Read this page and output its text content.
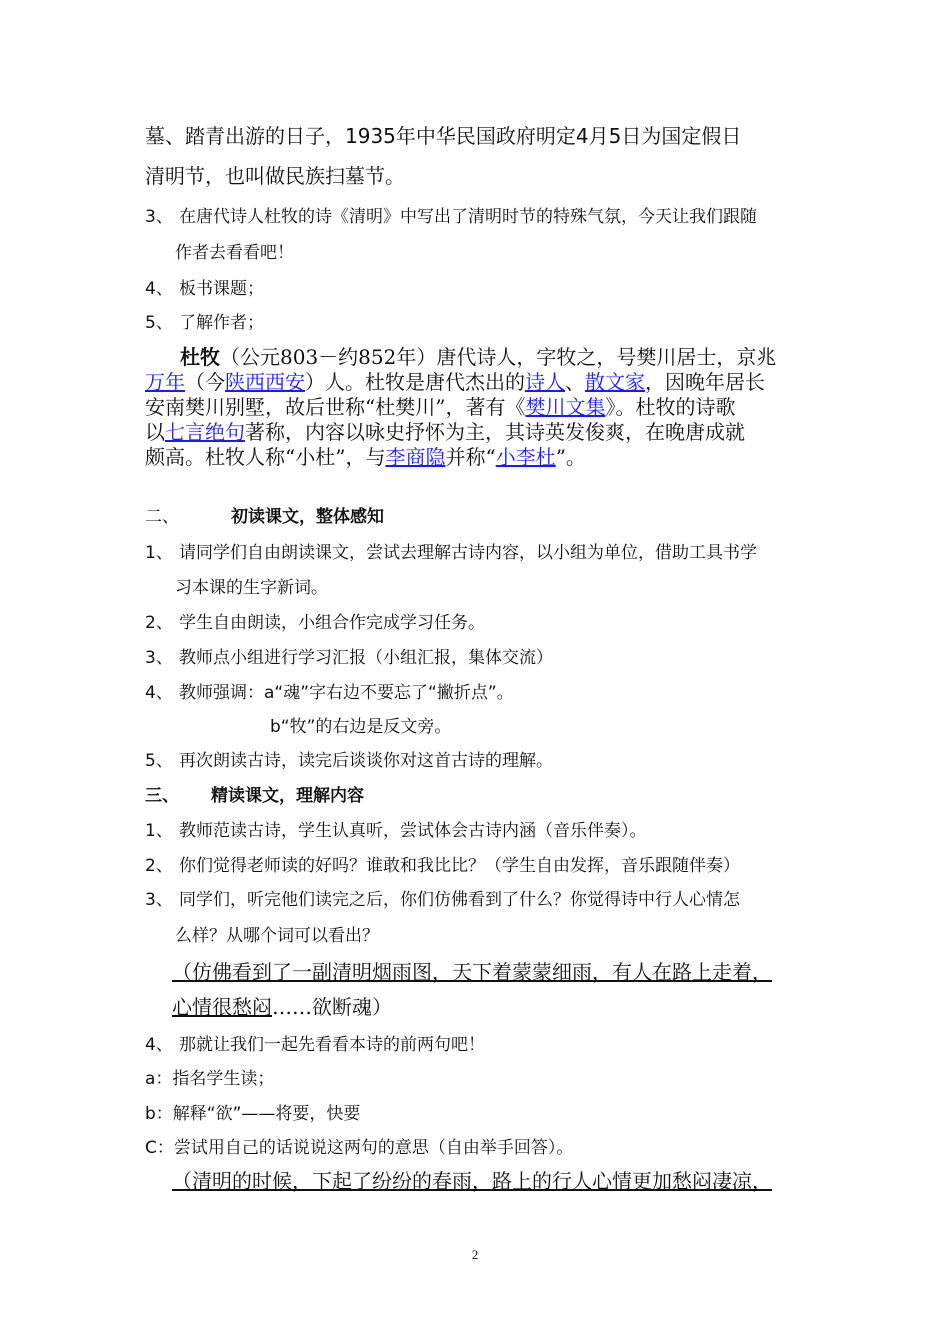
墓、踏青出游的日子，1935年中华民国政府明定4月5日为国定假日
清明节，也叫做民族扫墓节。
3、 在唐代诗人杜牧的诗《清明》中写出了清明时节的特殊气氛，今天让我们跟随
作者去看看吧！
4、 板书课题；
5、 了解作者；
杜牧（公元803－约852年）唐代诗人，字牧之，号樊川居士，京兆
万年（今陕西西安）人。杜牧是唐代杰出的诗人、散文家，因晚年居长
安南樊川别墅，故后世称“杜樊川”，著有《樊川文集》。杜牧的诗歌
以七言绝句著称，内容以咏史抒怀为主，其诗英发俊爽，在晚唐成就
颇高。杜牧人称“小杜”，与李商隐并称“小李杜”。
二、	初读课文，整体感知
1、 请同学们自由朗读课文，尝试去理解古诗内容，以小组为单位，借助工具书学
习本课的生字新词。
2、 学生自由朗读，小组合作完成学习任务。
3、 教师点小组进行学习汇报（小组汇报，集体交流）
4、 教师强调：a“魂”字右边不要忘了“撇折点”。
b“牧”的右边是反文旁。
5、 再次朗读古诗，读完后谈谈你对这首古诗的理解。
三、 精读课文，理解内容
1、 教师范读古诗，学生认真听，尝试体会古诗内涵（音乐伴奏）。
2、 你们觉得老师读的好吗？谁敢和我比比？（学生自由发挥，音乐跟随伴奏）
3、 同学们，听完他们读完之后，你们仿佛看到了什么？你觉得诗中行人心情怎
么样？从哪个词可以看出？
（仿佛看到了一副清明烟雨图，天下着蒙蒙细雨，有人在路上走着，
心情很愁闷……欲断魂）
4、 那就让我们一起先看看本诗的前两句吧！
a：指名学生读；
b：解释“欲”——将要，快要
C：尝试用自己的话说说这两句的意思（自由举手回答）。
（清明的时候，下起了纷纷的春雨，路上的行人心情更加愁闷凄凉，
2
